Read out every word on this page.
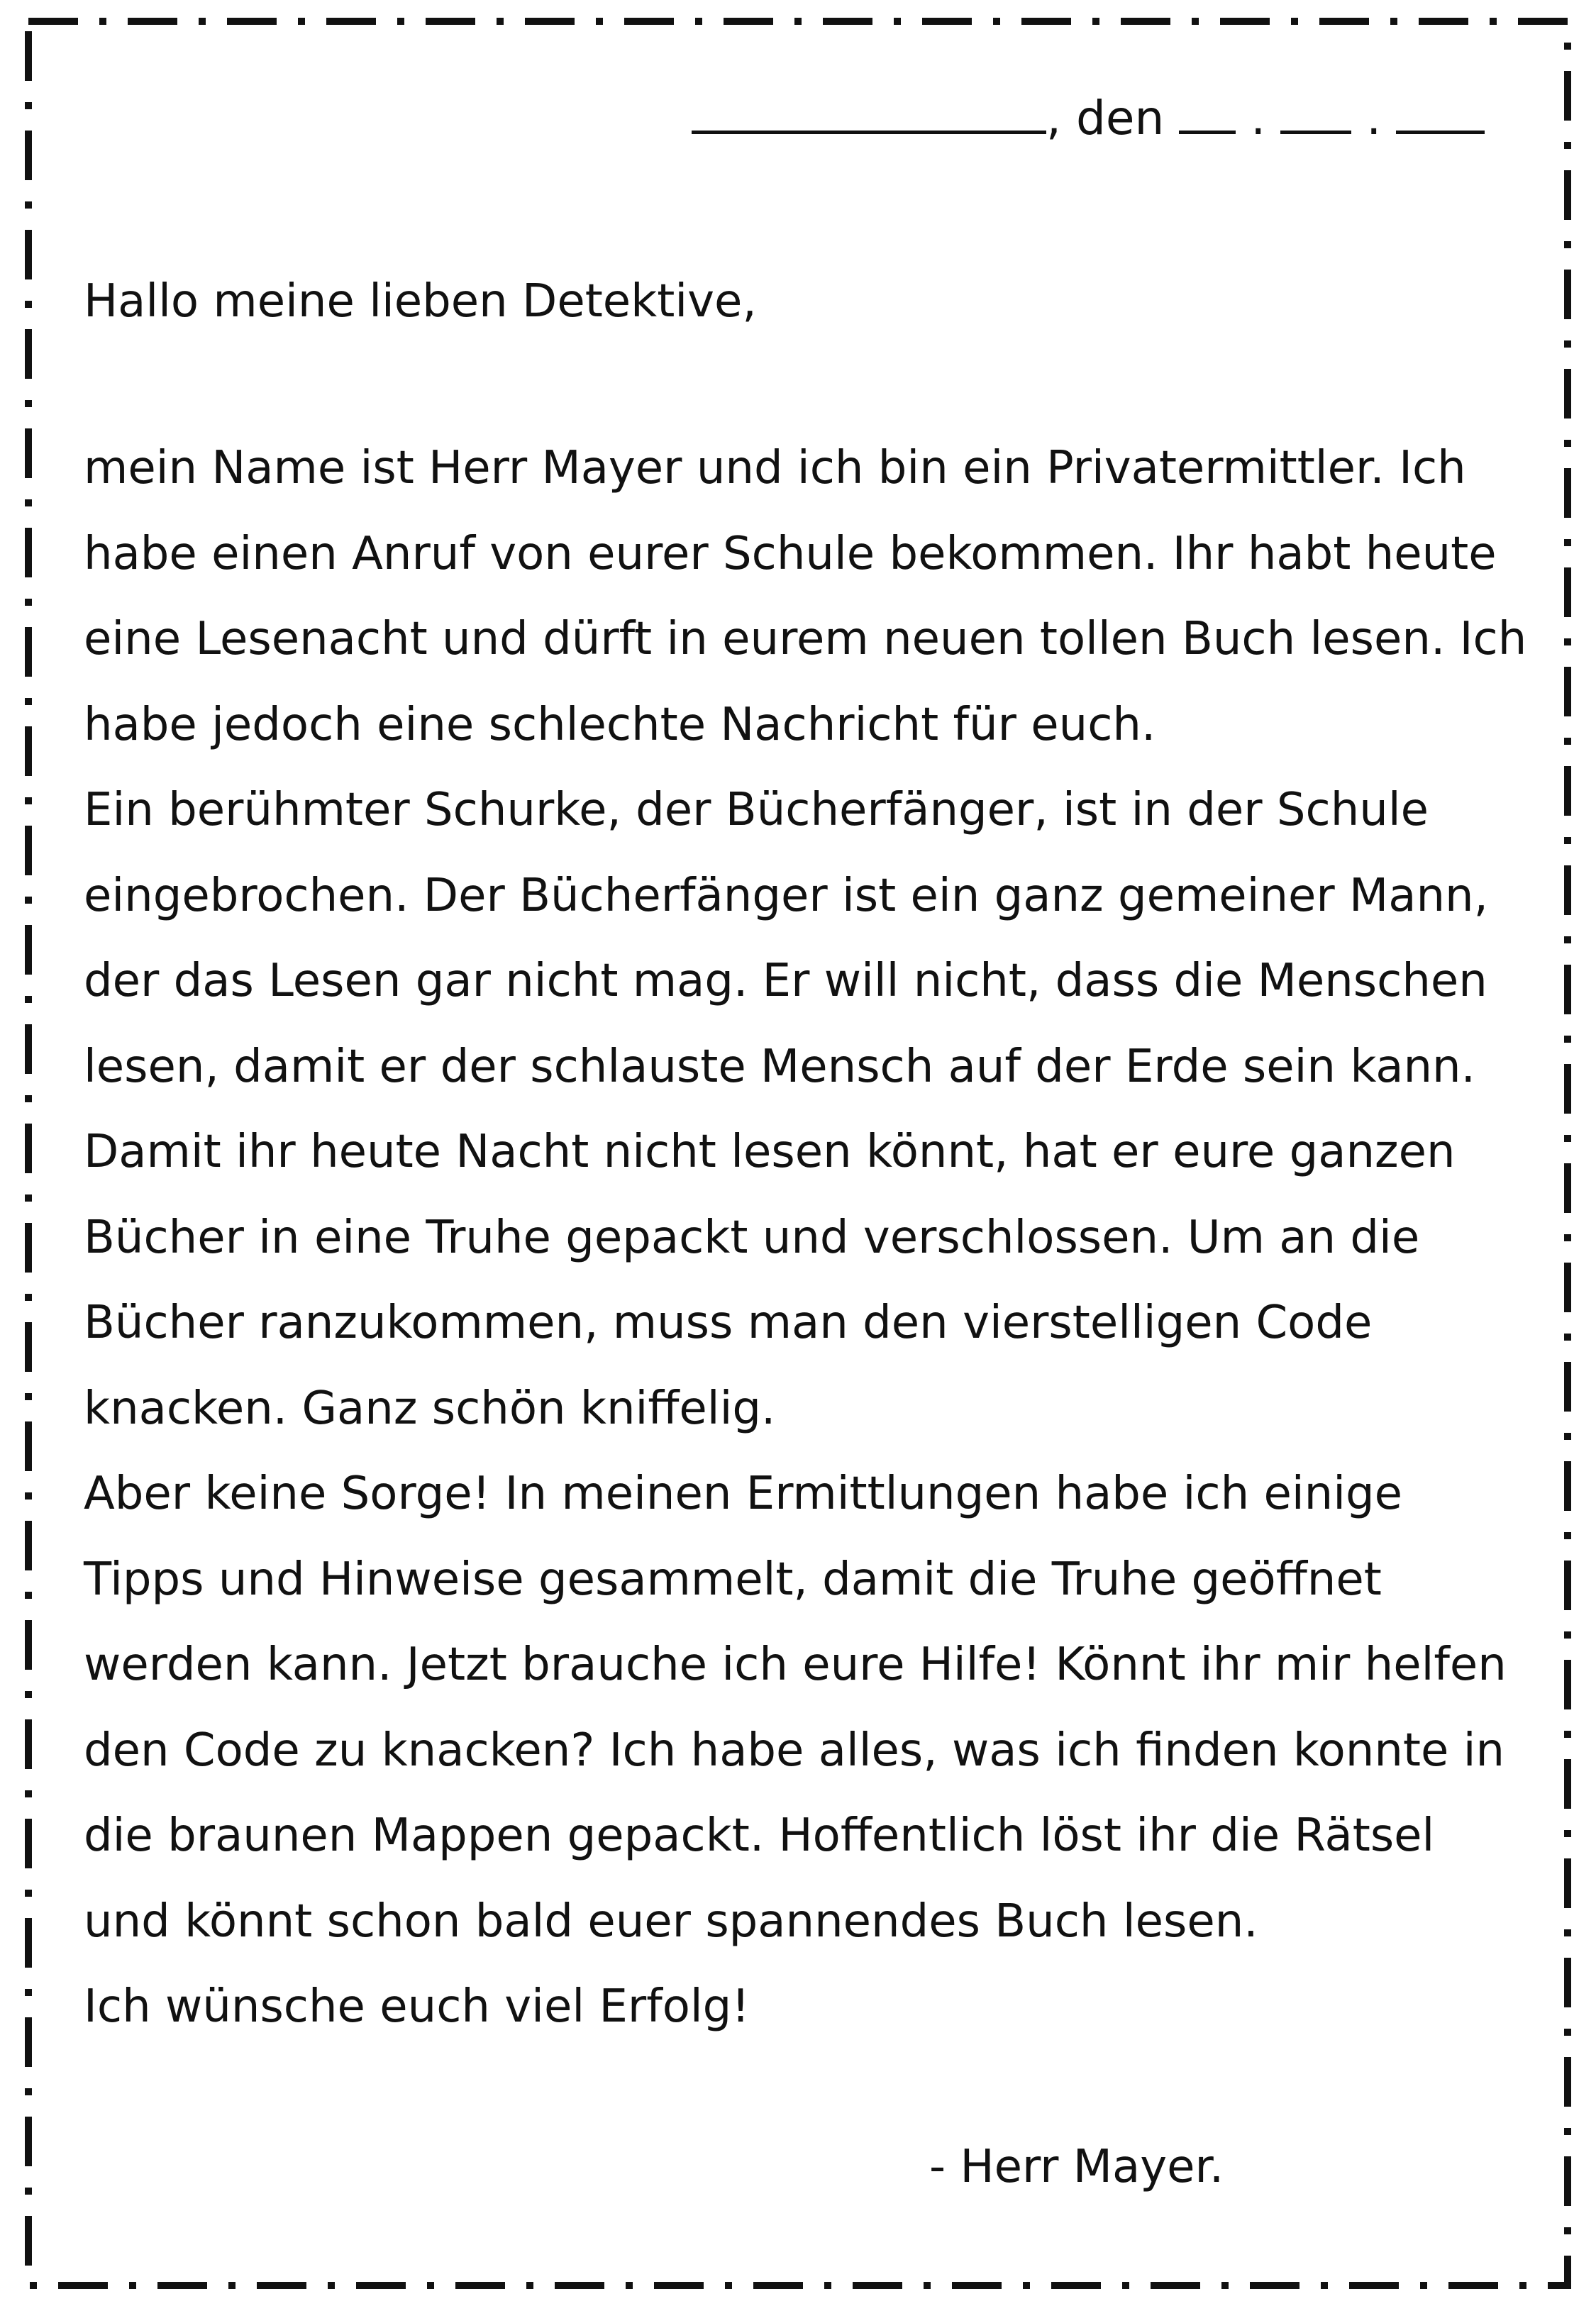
, den . .
Hallo meine lieben Detektive,
mein Name ist Herr Mayer und ich bin ein Privatermittler. Ich
habe einen Anruf von eurer Schule bekommen. Ihr habt heute
eine Lesenacht und dürft in eurem neuen tollen Buch lesen. Ich
habe jedoch eine schlechte Nachricht für euch.
Ein berühmter Schurke, der Bücherfänger, ist in der Schule
eingebrochen. Der Bücherfänger ist ein ganz gemeiner Mann,
der das Lesen gar nicht mag. Er will nicht, dass die Menschen
lesen, damit er der schlauste Mensch auf der Erde sein kann.
Damit ihr heute Nacht nicht lesen könnt, hat er eure ganzen
Bücher in eine Truhe gepackt und verschlossen. Um an die
Bücher ranzukommen, muss man den vierstelligen Code
knacken. Ganz schön kniffelig.
Aber keine Sorge! In meinen Ermittlungen habe ich einige
Tipps und Hinweise gesammelt, damit die Truhe geöffnet
werden kann. Jetzt brauche ich eure Hilfe! Könnt ihr mir helfen
den Code zu knacken? Ich habe alles, was ich finden konnte in
die braunen Mappen gepackt. Hoffentlich löst ihr die Rätsel
und könnt schon bald euer spannendes Buch lesen.
Ich wünsche euch viel Erfolg!
- Herr Mayer.
